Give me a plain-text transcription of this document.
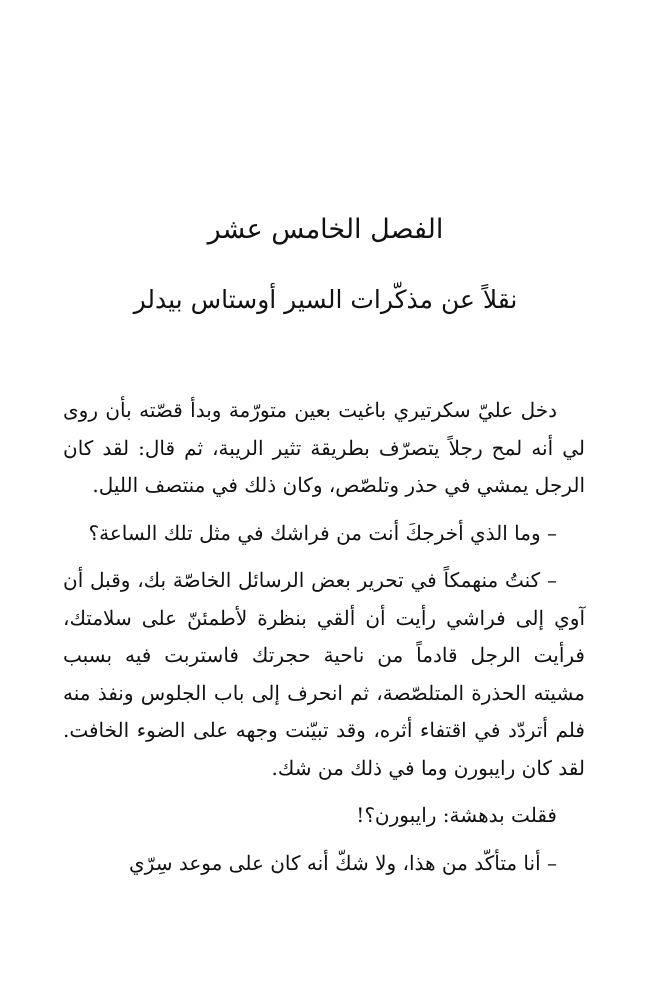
الفصل الخامس عشر
نقلاً عن مذكّرات السير أوستاس بيدلر

دخل عليّ سكرتيري باغيت بعين متورّمة وبدأ قصّته بأن روى لي أنه لمح رجلاً يتصرّف بطريقة تثير الريبة، ثم قال: لقد كان الرجل يمشي في حذر وتلصّص، وكان ذلك في منتصف الليل.

– وما الذي أخرجكَ أنت من فراشك في مثل تلك الساعة؟

– كنتُ منهمكاً في تحرير بعض الرسائل الخاصّة بك، وقبل أن آوي إلى فراشي رأيت أن ألقي بنظرة لأطمئنّ على سلامتك، فرأيت الرجل قادماً من ناحية حجرتك فاستربت فيه بسبب مشيته الحذرة المتلصّصة، ثم انحرف إلى باب الجلوس ونفذ منه فلم أتردّد في اقتفاء أثره، وقد تبيّنت وجهه على الضوء الخافت. لقد كان رايبورن وما في ذلك من شك.

فقلت بدهشة: رايبورن؟!

– أنا متأكّد من هذا، ولا شكّ أنه كان على موعد سِرّي
